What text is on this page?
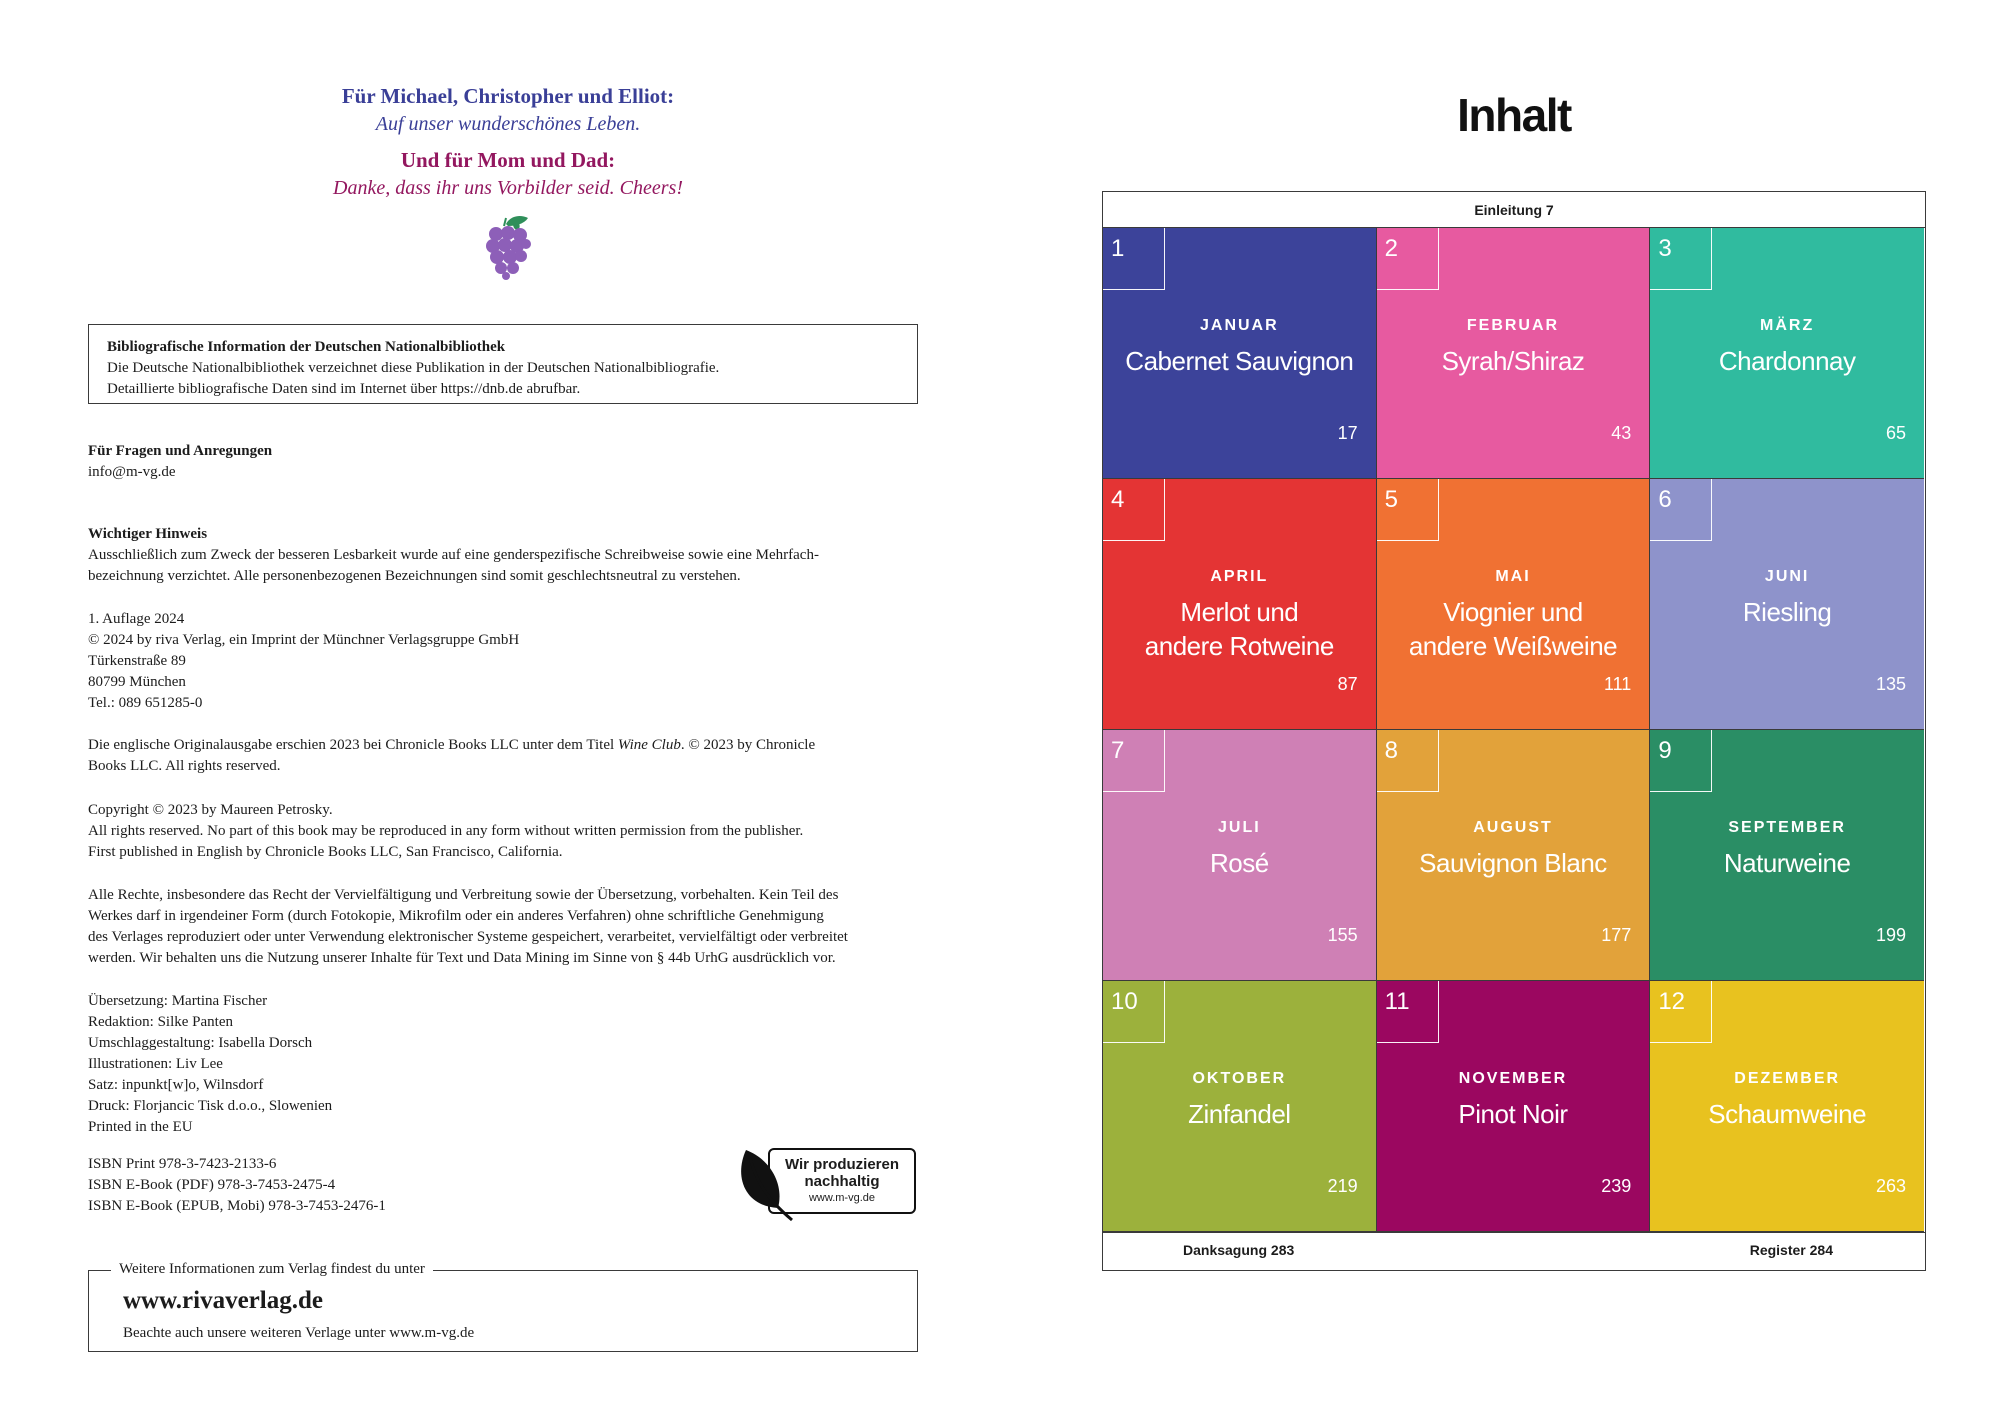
Für Michael, Christopher und Elliot:
Auf unser wunderschönes Leben.
Und für Mom und Dad:
Danke, dass ihr uns Vorbilder seid. Cheers!
Bibliografische Information der Deutschen Nationalbibliothek
Die Deutsche Nationalbibliothek verzeichnet diese Publikation in der Deutschen Nationalbibliografie.
Detaillierte bibliografische Daten sind im Internet über https://dnb.de abrufbar.
Für Fragen und Anregungen
info@m-vg.de
Wichtiger Hinweis
Ausschließlich zum Zweck der besseren Lesbarkeit wurde auf eine genderspezifische Schreibweise sowie eine Mehrfach-
bezeichnung verzichtet. Alle personenbezogenen Bezeichnungen sind somit geschlechtsneutral zu verstehen.
1. Auflage 2024
© 2024 by riva Verlag, ein Imprint der Münchner Verlagsgruppe GmbH
Türkenstraße 89
80799 München
Tel.: 089 651285-0
Die englische Originalausgabe erschien 2023 bei Chronicle Books LLC unter dem Titel Wine Club. © 2023 by Chronicle
Books LLC. All rights reserved.
Copyright © 2023 by Maureen Petrosky.
All rights reserved. No part of this book may be reproduced in any form without written permission from the publisher.
First published in English by Chronicle Books LLC, San Francisco, California.
Alle Rechte, insbesondere das Recht der Vervielfältigung und Verbreitung sowie der Übersetzung, vorbehalten. Kein Teil des
Werkes darf in irgendeiner Form (durch Fotokopie, Mikrofilm oder ein anderes Verfahren) ohne schriftliche Genehmigung
des Verlages reproduziert oder unter Verwendung elektronischer Systeme gespeichert, verarbeitet, vervielfältigt oder verbreitet
werden. Wir behalten uns die Nutzung unserer Inhalte für Text und Data Mining im Sinne von § 44b UrhG ausdrücklich vor.
Übersetzung: Martina Fischer
Redaktion: Silke Panten
Umschlaggestaltung: Isabella Dorsch
Illustrationen: Liv Lee
Satz: inpunkt[w]o, Wilnsdorf
Druck: Florjancic Tisk d.o.o., Slowenien
Printed in the EU
ISBN Print 978-3-7423-2133-6
ISBN E-Book (PDF) 978-3-7453-2475-4
ISBN E-Book (EPUB, Mobi) 978-3-7453-2476-1
Wir produzieren
nachhaltig
www.m-vg.de
Weitere Informationen zum Verlag findest du unter
www.rivaverlag.de
Beachte auch unsere weiteren Verlage unter www.m-vg.de
Inhalt
Einleitung 7
1
JANUAR
Cabernet Sauvignon
17
2
FEBRUAR
Syrah/Shiraz
43
3
MÄRZ
Chardonnay
65
4
APRIL
Merlot und
andere Rotweine
87
5
MAI
Viognier und
andere Weißweine
111
6
JUNI
Riesling
135
7
JULI
Rosé
155
8
AUGUST
Sauvignon Blanc
177
9
SEPTEMBER
Naturweine
199
10
OKTOBER
Zinfandel
219
11
NOVEMBER
Pinot Noir
239
12
DEZEMBER
Schaumweine
263
Danksagung 283	Register 284
